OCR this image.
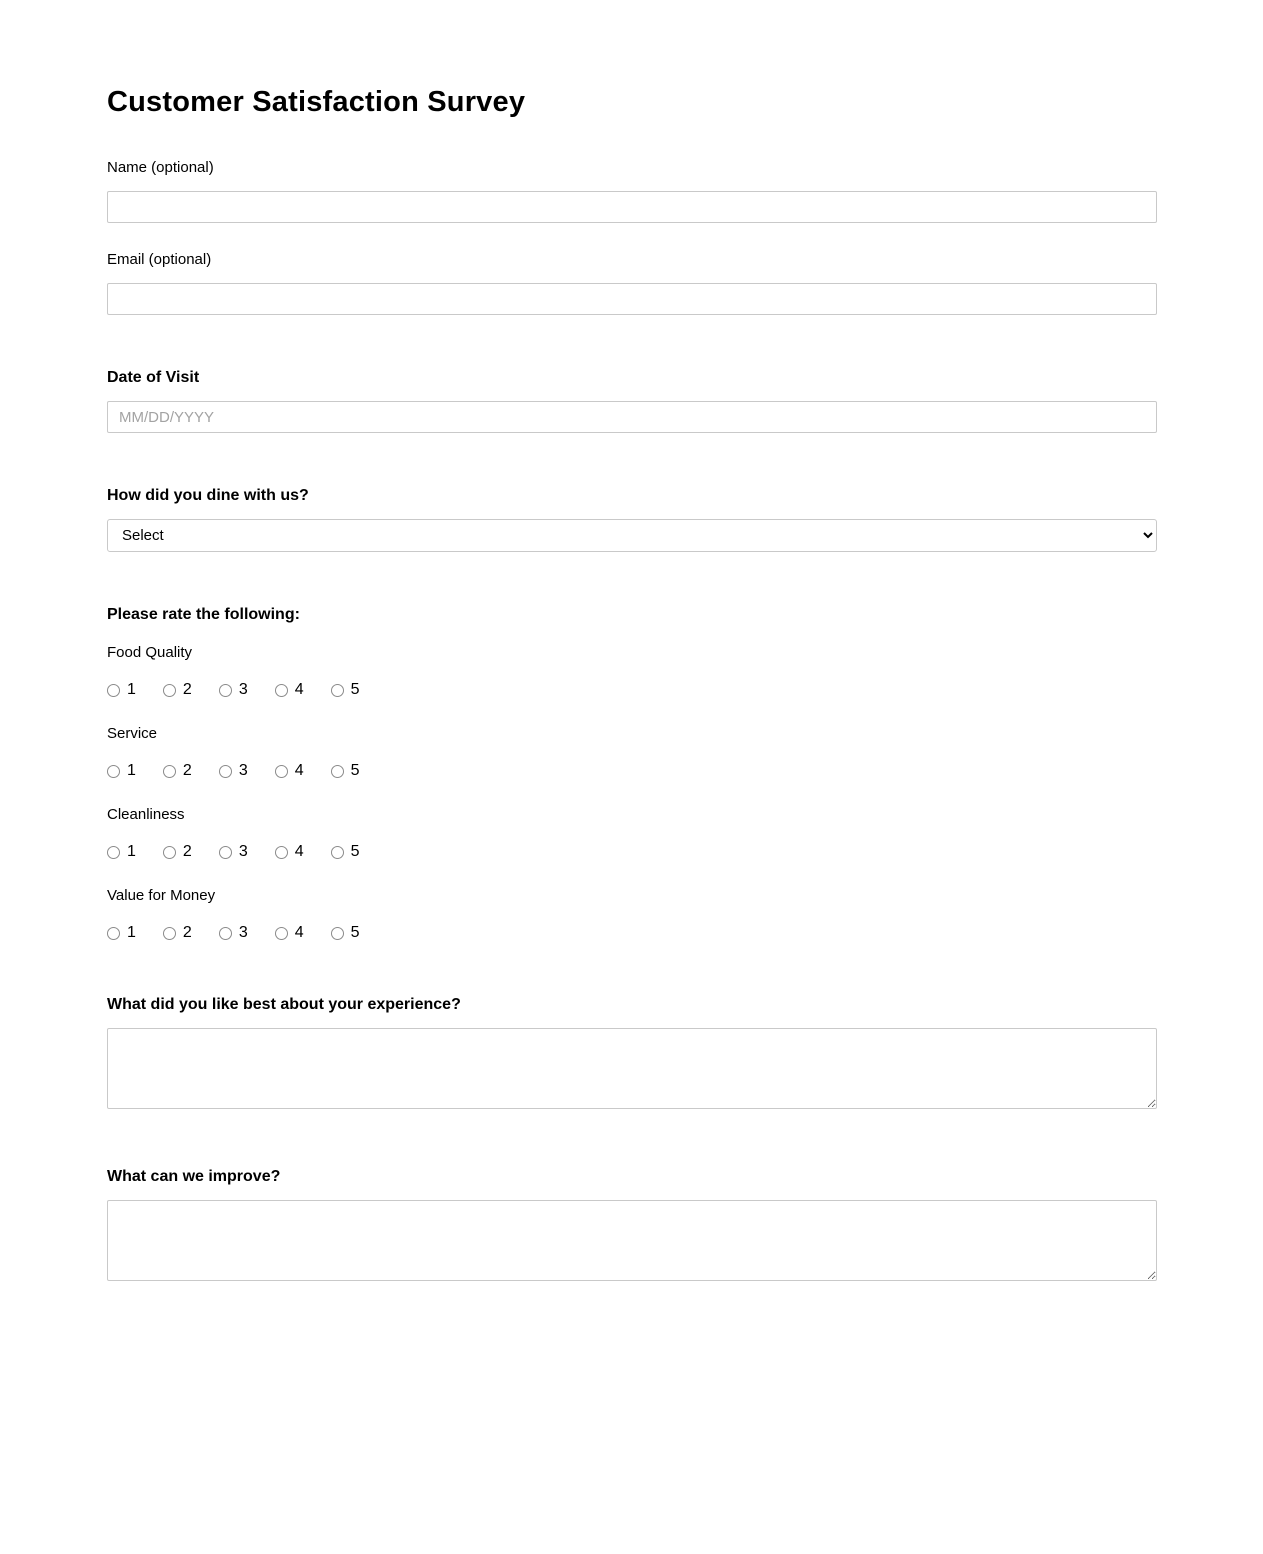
Customer Satisfaction Survey
Name (optional)
Email (optional)
Date of Visit
MM/DD/YYYY
How did you dine with us?
Select
Please rate the following:
Food Quality
1	2	3	4	5
Service
1	2	3	4	5
Cleanliness
1	2	3	4	5
Value for Money
1	2	3	4	5
What did you like best about your experience?
What can we improve?
